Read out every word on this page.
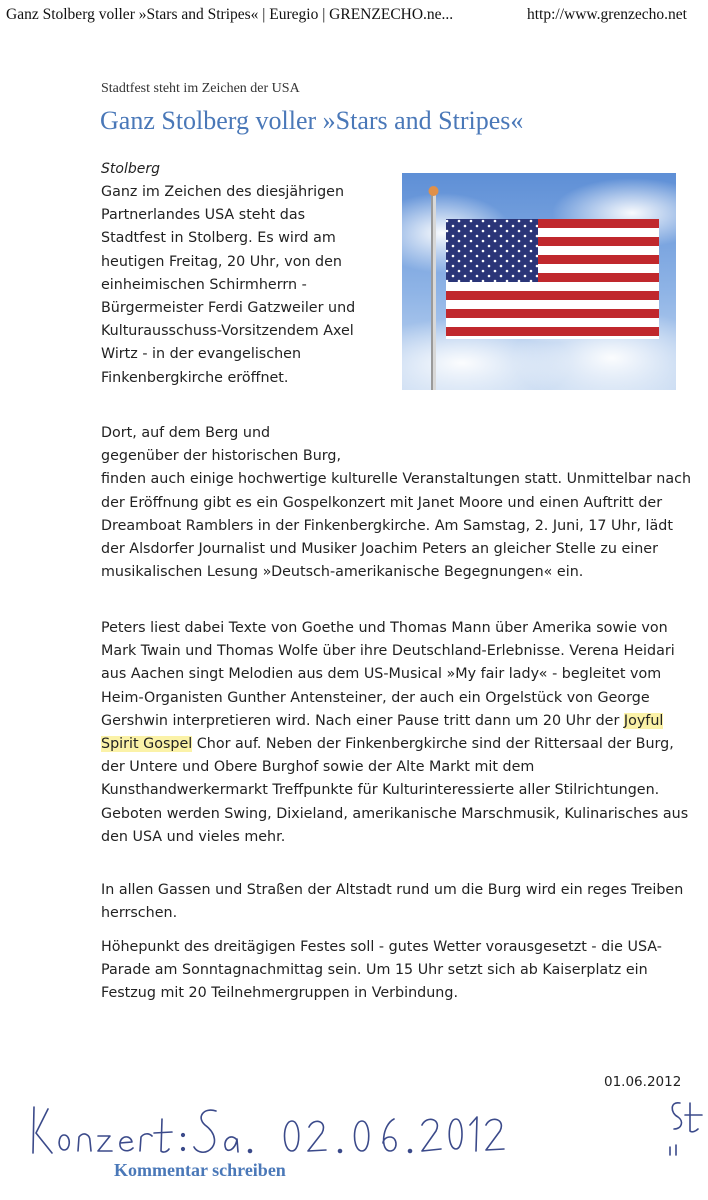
Ganz Stolberg voller »Stars and Stripes« | Euregio | GRENZECHO.ne...	http://www.grenzecho.net
Stadtfest steht im Zeichen der USA
Ganz Stolberg voller »Stars and Stripes«
Stolberg

Ganz im Zeichen des diesjährigen Partnerlandes USA steht das Stadtfest in Stolberg. Es wird am heutigen Freitag, 20 Uhr, von den einheimischen Schirmherrn - Bürgermeister Ferdi Gatzweiler und Kulturausschuss-Vorsitzendem Axel Wirtz - in der evangelischen Finkenbergkirche eröffnet.

Dort, auf dem Berg und
gegenüber der historischen Burg,
finden auch einige hochwertige kulturelle Veranstaltungen statt. Unmittelbar nach der Eröffnung gibt es ein Gospelkonzert mit Janet Moore und einen Auftritt der Dreamboat Ramblers in der Finkenbergkirche. Am Samstag, 2. Juni, 17 Uhr, lädt der Alsdorfer Journalist und Musiker Joachim Peters an gleicher Stelle zu einer musikalischen Lesung »Deutsch-amerikanische Begegnungen« ein.

Peters liest dabei Texte von Goethe und Thomas Mann über Amerika sowie von Mark Twain und Thomas Wolfe über ihre Deutschland-Erlebnisse. Verena Heidari aus Aachen singt Melodien aus dem US-Musical »My fair lady« - begleitet vom Heim-Organisten Gunther Antensteiner, der auch ein Orgelstück von George Gershwin interpretieren wird. Nach einer Pause tritt dann um 20 Uhr der Joyful Spirit Gospel Chor auf. Neben der Finkenbergkirche sind der Rittersaal der Burg, der Untere und Obere Burghof sowie der Alte Markt mit dem Kunsthandwerkermarkt Treffpunkte für Kulturinteressierte aller Stilrichtungen. Geboten werden Swing, Dixieland, amerikanische Marschmusik, Kulinarisches aus den USA und vieles mehr.

In allen Gassen und Straßen der Altstadt rund um die Burg wird ein reges Treiben herrschen.

Höhepunkt des dreitägigen Festes soll - gutes Wetter vorausgesetzt - die USA-Parade am Sonntagnachmittag sein. Um 15 Uhr setzt sich ab Kaiserplatz ein Festzug mit 20 Teilnehmergruppen in Verbindung.

01.06.2012
Kommentar schreiben
